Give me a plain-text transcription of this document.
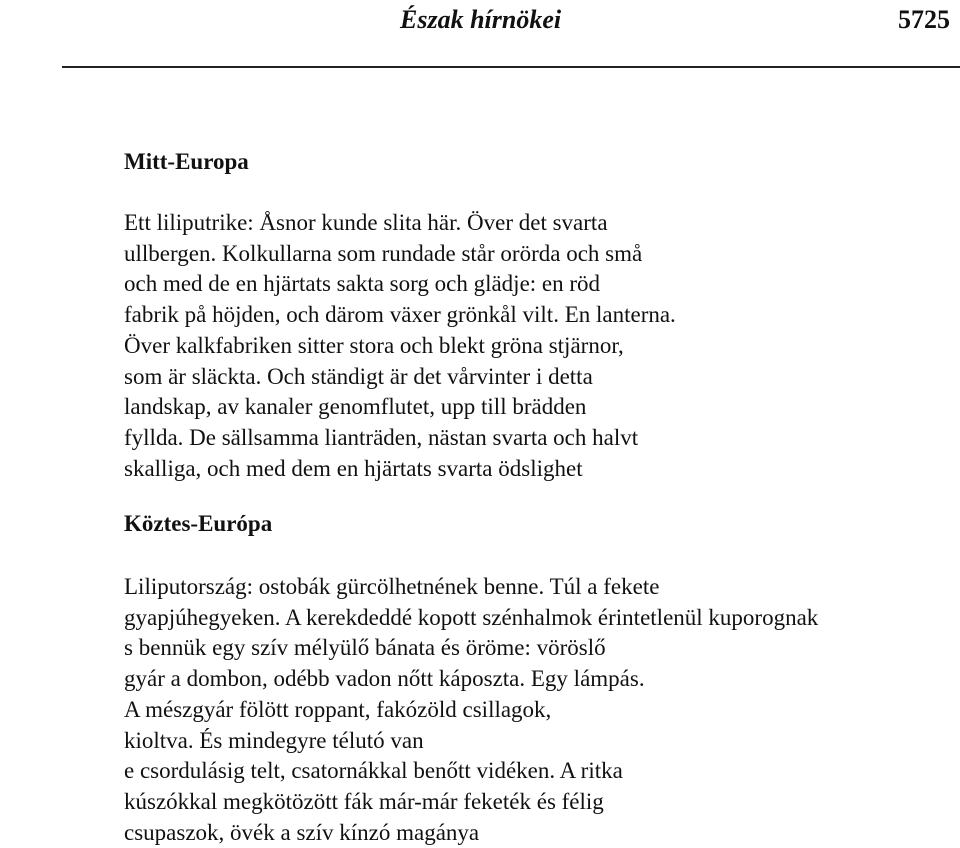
Észak hírnökei	5725
Mitt-Europa
Ett liliputrike: Åsnor kunde slita här. Över det svarta
ullbergen. Kolkullarna som rundade står orörda och små
och med de en hjärtats sakta sorg och glädje: en röd
fabrik på höjden, och därom växer grönkål vilt. En lanterna.
Över kalkfabriken sitter stora och blekt gröna stjärnor,
som är släckta. Och ständigt är det vårvinter i detta
landskap, av kanaler genomflutet, upp till brädden
fyllda. De sällsamma lianträden, nästan svarta och halvt
skalliga, och med dem en hjärtats svarta ödslighet
Köztes-Európa
Liliputország: ostobák gürcölhetnének benne. Túl a fekete
gyapjúhegyeken. A kerekdeddé kopott szénhalmok érintetlenül kuporognak
s bennük egy szív mélyülő bánata és öröme: vöröslő
gyár a dombon, odébb vadon nőtt káposzta. Egy lámpás.
A mészgyár fölött roppant, fakózöld csillagok,
kioltva. És mindegyre télutó van
e csordulásig telt, csatornákkal benőtt vidéken. A ritka
kúszókkal megkötözött fák már-már feketék és félig
csupaszok, övék a szív kínzó magánya
